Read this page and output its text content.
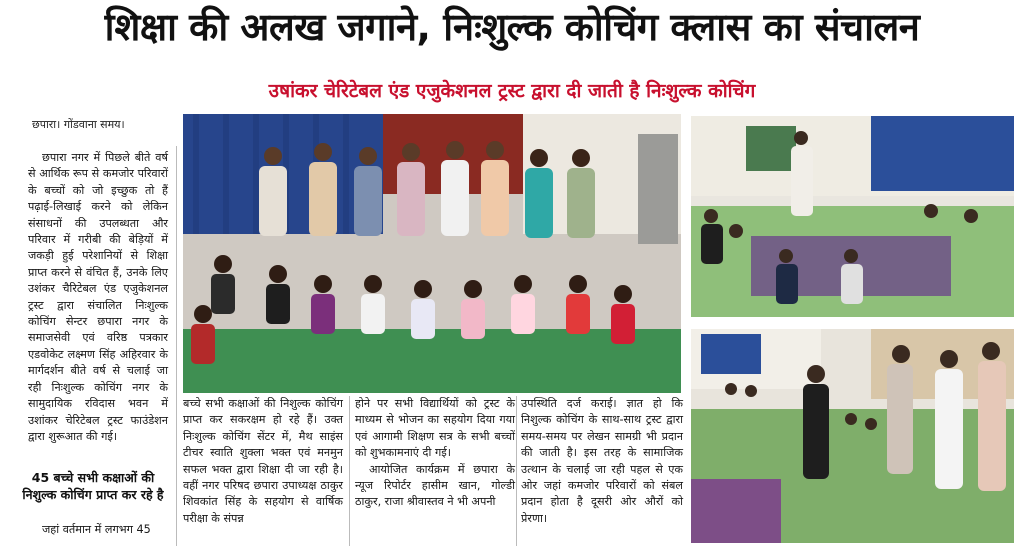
शिक्षा की अलख जगाने, निःशुल्क कोचिंग क्लास का संचालन
उषांकर चेरिटेबल एंड एजुकेशनल ट्रस्ट द्वारा दी जाती है निःशुल्क कोचिंग
छपारा। गोंडवाना समय।

छपारा नगर में पिछले बीते वर्ष से आर्थिक रूप से कमजोर परिवारों के बच्चों को जो इच्छुक तो हैं पढ़ाई-लिखाई करने को लेकिन संसाधनों की उपलब्धता और परिवार में गरीबी की बेड़ियों में जकड़ी हुई परेशानियों से शिक्षा प्राप्त करने से वंचित हैं, उनके लिए उशंकर चैरिटेबल एंड एजुकेशनल ट्रस्ट द्वारा संचालित निःशुल्क कोचिंग सेन्टर छपारा नगर के समाजसेवी एवं वरिष्ठ पत्रकार एडवोकेट लक्ष्मण सिंह अहिरवार के मार्गदर्शन बीते वर्ष से चलाई जा रही निःशुल्क कोचिंग नगर के सामुदायिक रविदास भवन में उशांकर चेरिटेबल ट्रस्ट फाउंडेशन द्वारा शुरूआत की गई।

45 बच्चे सभी कक्षाओं की निशुल्क कोचिंग प्राप्त कर रहे है

जहां वर्तमान में लगभग 45

बच्चे सभी कक्षाओं की निशुल्क कोचिंग प्राप्त कर सकरक्षम हो रहे हैं। उक्त निःशुल्क कोचिंग सेंटर में, मैथ साइंस टीचर स्वाति शुक्ला भक्त एवं मनमुन सफल भक्त द्वारा शिक्षा दी जा रही है। वहीं नगर परिषद छपारा उपाध्यक्ष ठाकुर शिवकांत सिंह के सहयोग से वार्षिक परीक्षा के संपन्न

होने पर सभी विद्यार्थियों को ट्रस्ट के माध्यम से भोजन का सहयोग दिया गया एवं आगामी शिक्षण सत्र के सभी बच्चों को शुभकामनाएं दी गई।

आयोजित कार्यक्रम में छपारा के न्यूज रिपोर्टर हासीम खान, गोल्डी ठाकुर, राजा श्रीवास्तव ने भी अपनी

उपस्थिति दर्ज कराई। ज्ञात हो कि निशुल्क कोचिंग के साथ-साथ ट्रस्ट द्वारा समय-समय पर लेखन सामग्री भी प्रदान की जाती है। इस तरह के सामाजिक उत्थान के चलाई जा रही पहल से एक ओर जहां कमजोर परिवारों को संबल प्रदान होता है दूसरी ओर औरों को प्रेरणा।
